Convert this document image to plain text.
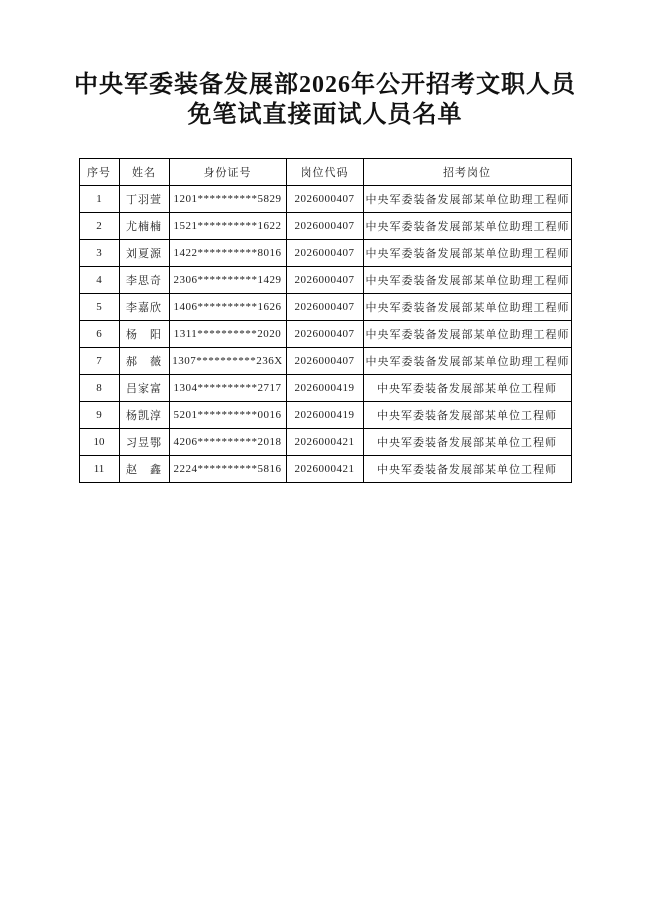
中央军委装备发展部2026年公开招考文职人员
免笔试直接面试人员名单
序号	姓名	身份证号	岗位代码	招考岗位
1	丁羽萱	1201**********5829	2026000407	中央军委装备发展部某单位助理工程师
2	尤楠楠	1521**********1622	2026000407	中央军委装备发展部某单位助理工程师
3	刘夏源	1422**********8016	2026000407	中央军委装备发展部某单位助理工程师
4	李思奇	2306**********1429	2026000407	中央军委装备发展部某单位助理工程师
5	李嘉欣	1406**********1626	2026000407	中央军委装备发展部某单位助理工程师
6	杨　阳	1311**********2020	2026000407	中央军委装备发展部某单位助理工程师
7	郝　薇	1307**********236X	2026000407	中央军委装备发展部某单位助理工程师
8	吕家富	1304**********2717	2026000419	中央军委装备发展部某单位工程师
9	杨凯淳	5201**********0016	2026000419	中央军委装备发展部某单位工程师
10	习昱鄂	4206**********2018	2026000421	中央军委装备发展部某单位工程师
11	赵　鑫	2224**********5816	2026000421	中央军委装备发展部某单位工程师
